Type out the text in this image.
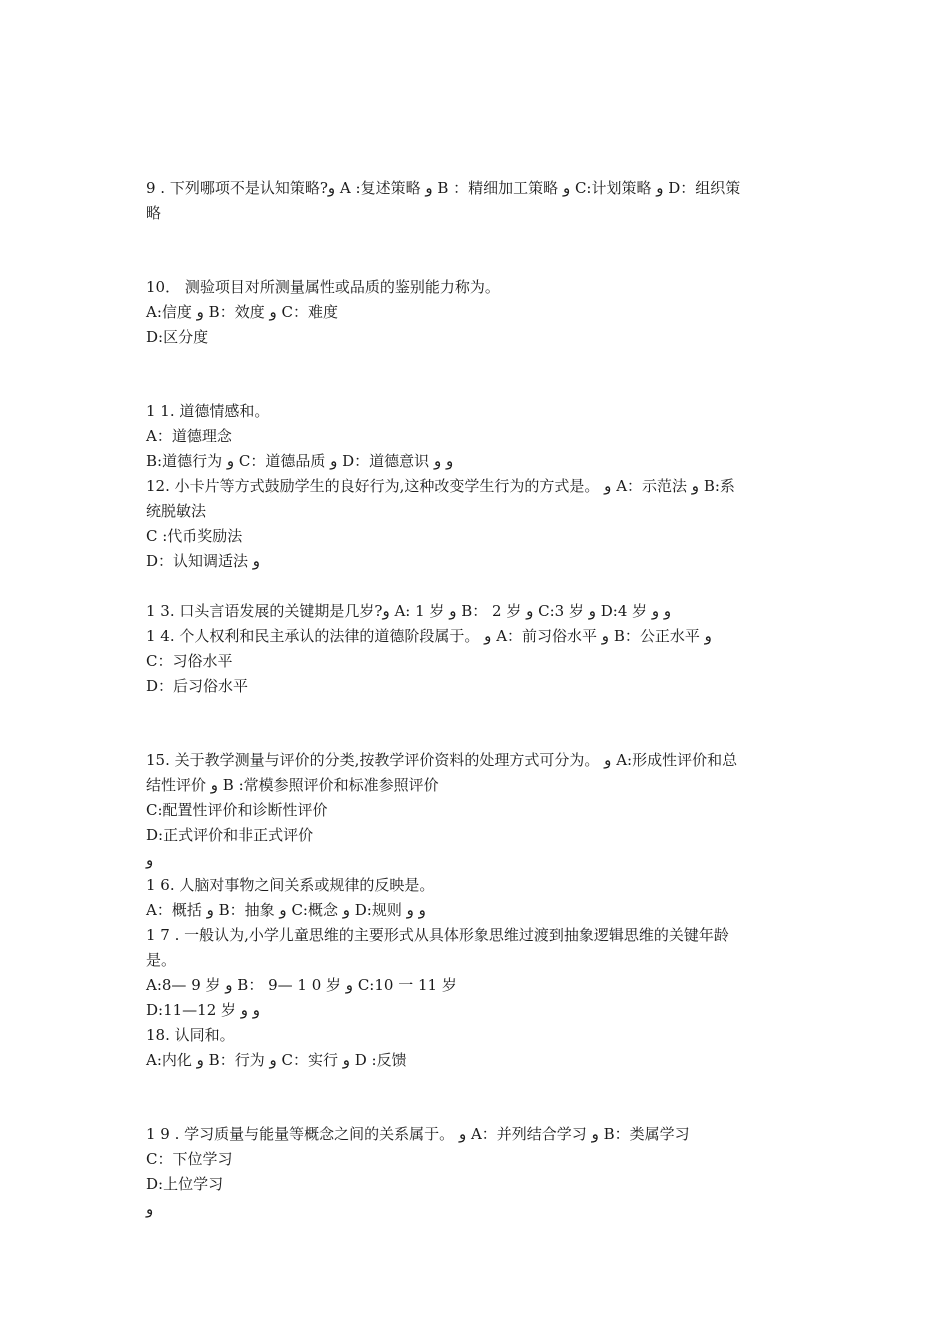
9 . 下列哪项不是认知策略?و A :复述策略 و B ：精细加工策略 و C:计划策略 و D：组织策
略
10． 测验项目对所测量属性或品质的鉴别能力称为。
A:信度 و B：效度 و C：难度
D:区分度
1 1. 道德情感和。
A：道德理念
B:道德行为 و C：道德品质 و D：道德意识 و و
12. 小卡片等方式鼓励学生的良好行为,这种改变学生行为的方式是。 و A：示范法 و B:系
统脱敏法
C :代币奖励法
D：认知调适法 و
1 3. 口头言语发展的关键期是几岁?و A: 1 岁 و B： 2 岁 و C:3 岁 و D:4 岁 و و
1 4. 个人权利和民主承认的法律的道德阶段属于。 و A：前习俗水平 و B：公正水平 و
C：习俗水平
D：后习俗水平
15. 关于教学测量与评价的分类,按教学评价资料的处理方式可分为。 و A:形成性评价和总
结性评价 و B :常模参照评价和标准参照评价
C:配置性评价和诊断性评价
D:正式评价和非正式评价
و
1 6. 人脑对事物之间关系或规律的反映是。
A：概括 و B：抽象 و C:概念 و D:规则 و و
1 7 . 一般认为,小学儿童思维的主要形式从具体形象思维过渡到抽象逻辑思维的关键年龄
是。
A:8— 9 岁 و B： 9— 1 0 岁 و C:10 一 11 岁
D:11—12 岁 و و
18. 认同和。
A:内化 و B：行为 و C：实行 و D :反馈
1 9 . 学习质量与能量等概念之间的关系属于。 و A：并列结合学习 و B：类属学习
C：下位学习
D:上位学习
و
